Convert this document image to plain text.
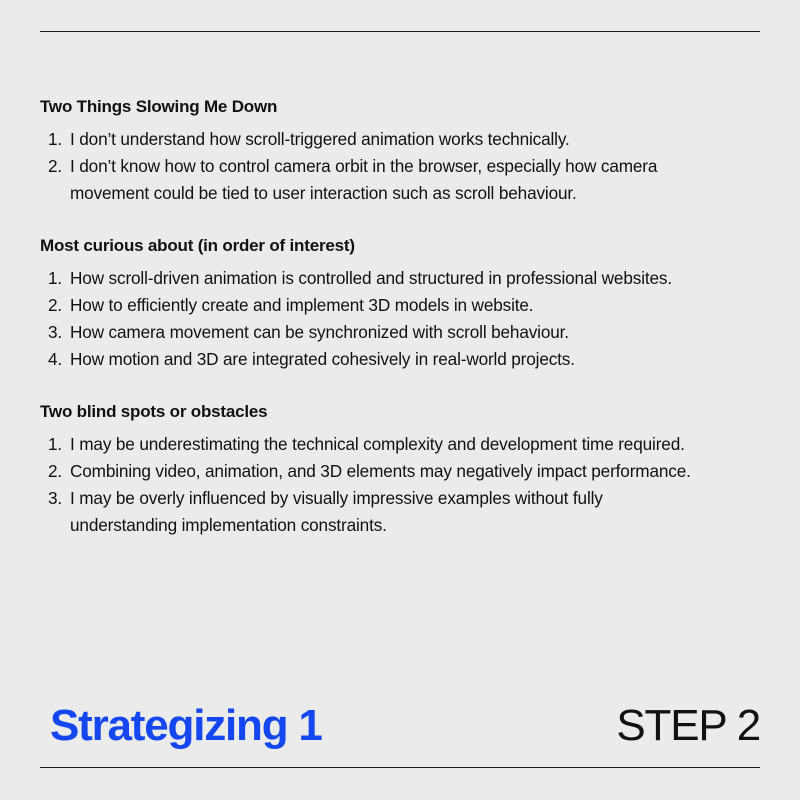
Two Things Slowing Me Down
1. I don’t understand how scroll-triggered animation works technically.
2. I don’t know how to control camera orbit in the browser, especially how camera movement could be tied to user interaction such as scroll behaviour.
Most curious about (in order of interest)
1. How scroll-driven animation is controlled and structured in professional websites.
2. How to efficiently create and implement 3D models in website.
3. How camera movement can be synchronized with scroll behaviour.
4. How motion and 3D are integrated cohesively in real-world projects.
Two blind spots or obstacles
1. I may be underestimating the technical complexity and development time required.
2. Combining video, animation, and 3D elements may negatively impact performance.
3. I may be overly influenced by visually impressive examples without fully understanding implementation constraints.
Strategizing 1	STEP 2
